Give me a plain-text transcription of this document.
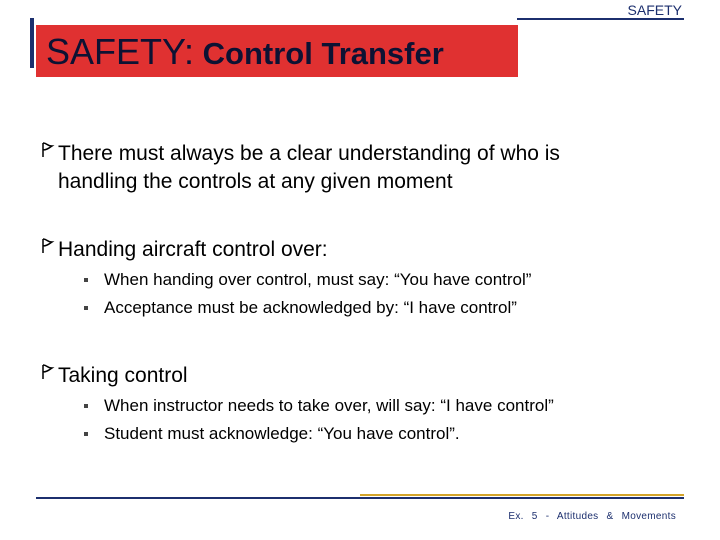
SAFETY: Control Transfer
SAFETY
There must always be a clear understanding of who is handling the controls at any given moment
Handing aircraft control over:
When handing over control, must say: “You have control”
Acceptance must be acknowledged by: “I have control”
Taking control
When instructor needs to take over, will say: “I have control”
Student must acknowledge: “You have control”.
Ex. 5 - Attitudes & Movements
